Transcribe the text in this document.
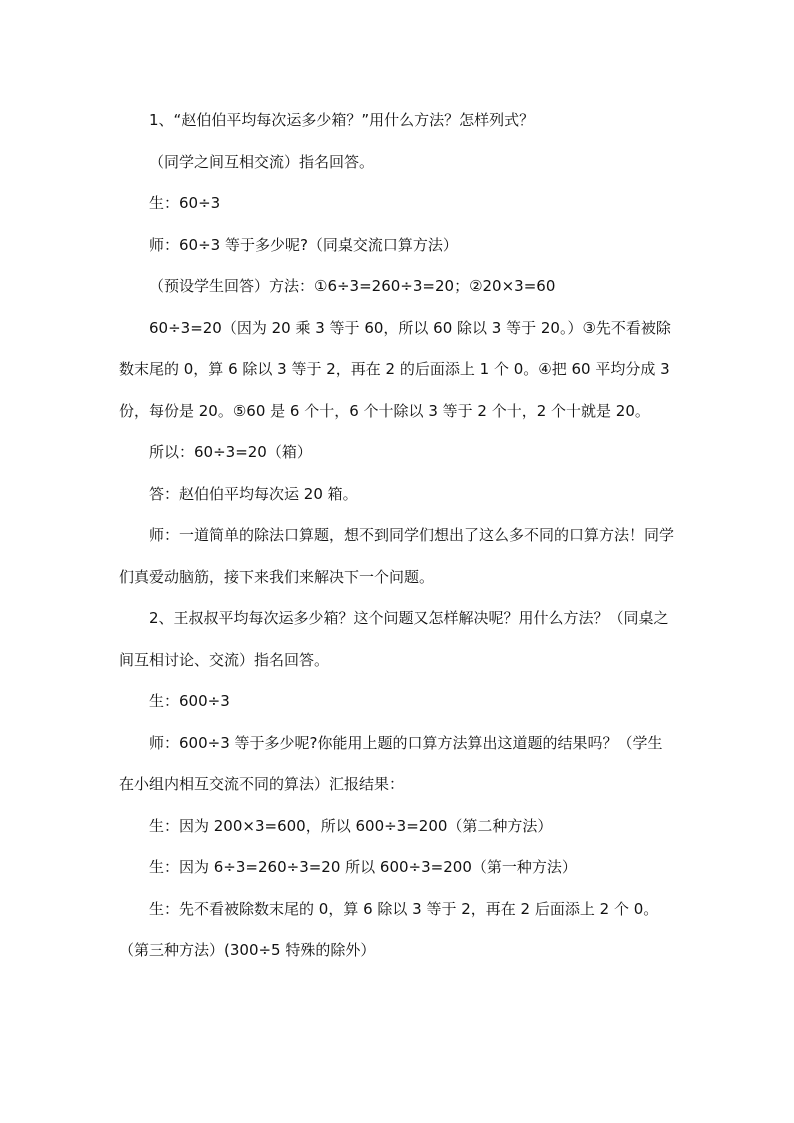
1、“赵伯伯平均每次运多少箱？”用什么方法？怎样列式？

（同学之间互相交流）指名回答。

生：60÷3

师：60÷3 等于多少呢?（同桌交流口算方法）

（预设学生回答）方法：①6÷3=260÷3=20；②20×3=60

60÷3=20（因为 20 乘 3 等于 60，所以 60 除以 3 等于 20。）③先不看被除数末尾的 0，算 6 除以 3 等于 2，再在 2 的后面添上 1 个 0。④把 60 平均分成 3 份，每份是 20。⑤60 是 6 个十，6 个十除以 3 等于 2 个十，2 个十就是 20。

所以：60÷3=20（箱）

答：赵伯伯平均每次运 20 箱。

师：一道简单的除法口算题，想不到同学们想出了这么多不同的口算方法！同学们真爱动脑筋，接下来我们来解决下一个问题。

2、王叔叔平均每次运多少箱？这个问题又怎样解决呢？用什么方法？（同桌之间互相讨论、交流）指名回答。

生：600÷3

师：600÷3 等于多少呢?你能用上题的口算方法算出这道题的结果吗？（学生在小组内相互交流不同的算法）汇报结果：

生：因为 200×3=600，所以 600÷3=200（第二种方法）

生：因为 6÷3=260÷3=20 所以 600÷3=200（第一种方法）

生：先不看被除数末尾的 0，算 6 除以 3 等于 2，再在 2 后面添上 2 个 0。（第三种方法）(300÷5 特殊的除外）
